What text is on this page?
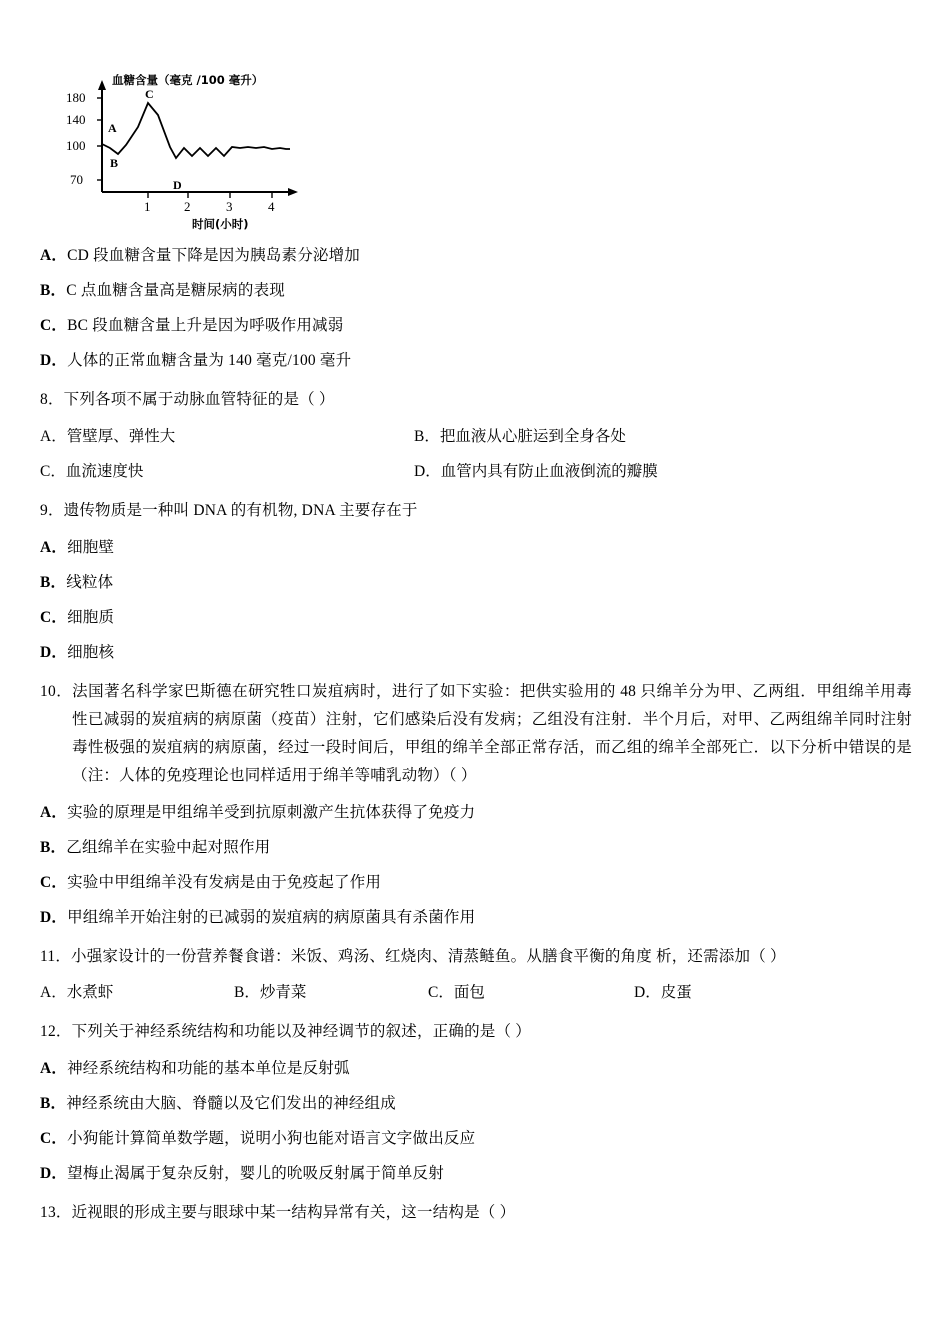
180
140
100
70
1	2	3	4
血糖含量（毫克 /100 毫升）
时间(小时)
A
B
C
D
A．CD 段血糖含量下降是因为胰岛素分泌增加
B．C 点血糖含量高是糖尿病的表现
C．BC 段血糖含量上升是因为呼吸作用减弱
D．人体的正常血糖含量为 140 毫克/100 毫升
8．下列各项不属于动脉血管特征的是（ ）
A．管壁厚、弹性大	B．把血液从心脏运到全身各处
C．血流速度快	D．血管内具有防止血液倒流的瓣膜
9．遗传物质是一种叫 DNA 的有机物, DNA 主要存在于
A．细胞壁
B．线粒体
C．细胞质
D．细胞核
10．法国著名科学家巴斯德在研究牲口炭疽病时，进行了如下实验：把供实验用的 48 只绵羊分为甲、乙两组．甲组绵羊用毒性已减弱的炭疽病的病原菌（疫苗）注射，它们感染后没有发病；乙组没有注射．半个月后，对甲、乙两组绵羊同时注射毒性极强的炭疽病的病原菌，经过一段时间后，甲组的绵羊全部正常存活，而乙组的绵羊全部死亡．以下分析中错误的是（注：人体的免疫理论也同样适用于绵羊等哺乳动物）（ ）
A．实验的原理是甲组绵羊受到抗原刺激产生抗体获得了免疫力
B．乙组绵羊在实验中起对照作用
C．实验中甲组绵羊没有发病是由于免疫起了作用
D．甲组绵羊开始注射的已减弱的炭疽病的病原菌具有杀菌作用
11．小强家设计的一份营养餐食谱：米饭、鸡汤、红烧肉、清蒸鲢鱼。从膳食平衡的角度 析，还需添加（ ）
A．水煮虾	B．炒青菜	C．面包	D．皮蛋
12．下列关于神经系统结构和功能以及神经调节的叙述，正确的是（ ）
A．神经系统结构和功能的基本单位是反射弧
B．神经系统由大脑、脊髓以及它们发出的神经组成
C．小狗能计算简单数学题，说明小狗也能对语言文字做出反应
D．望梅止渴属于复杂反射，婴儿的吮吸反射属于简单反射
13．近视眼的形成主要与眼球中某一结构异常有关，这一结构是（ ）
